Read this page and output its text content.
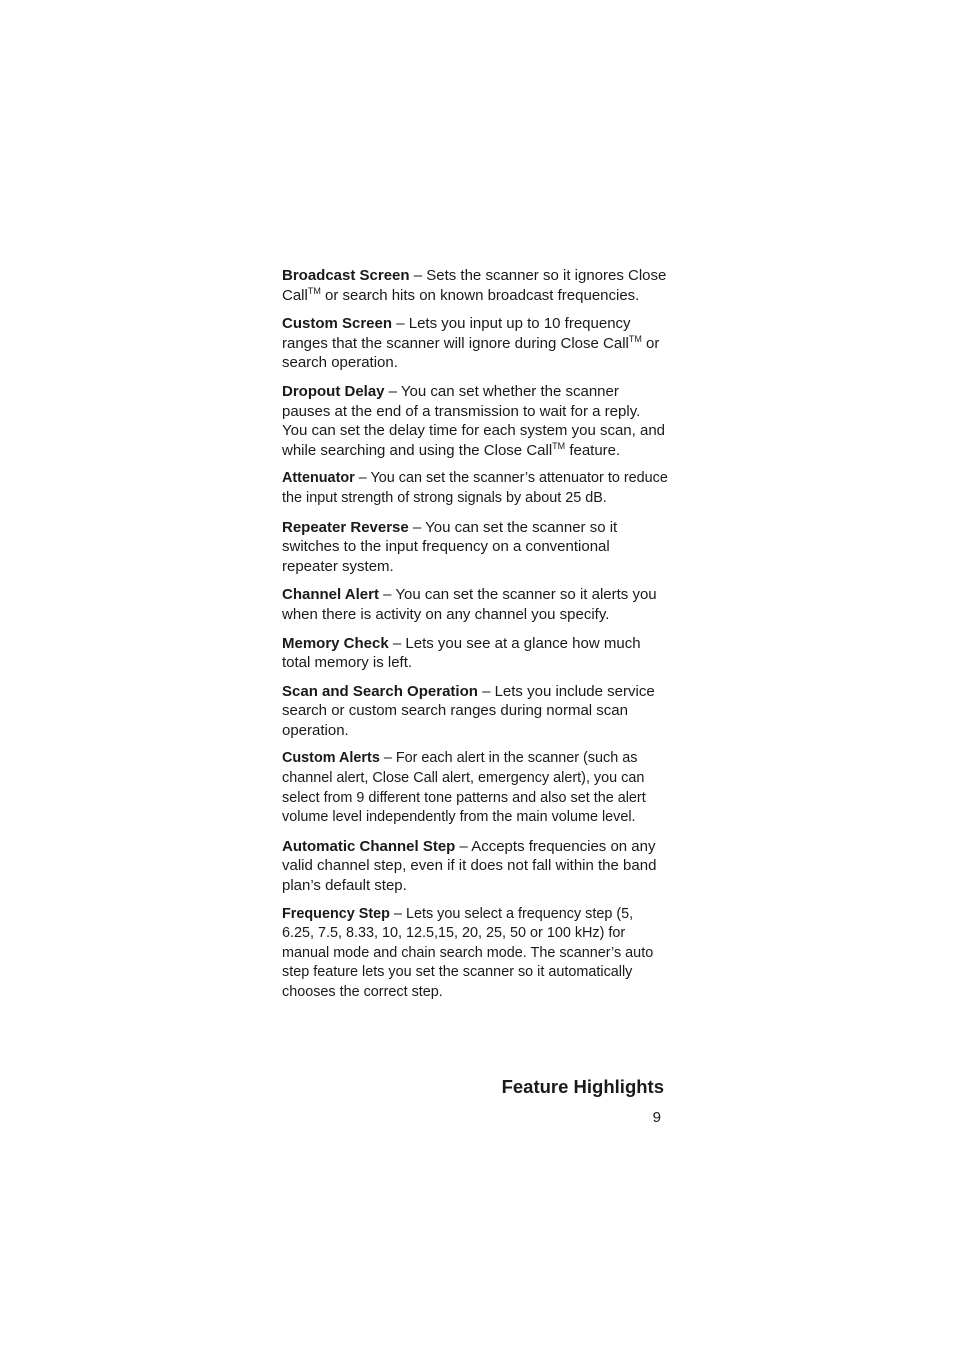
Broadcast Screen – Sets the scanner so it ignores Close Call™ or search hits on known broadcast frequencies.

Custom Screen – Lets you input up to 10 frequency ranges that the scanner will ignore during Close Call™ or search operation.

Dropout Delay – You can set whether the scanner pauses at the end of a transmission to wait for a reply. You can set the delay time for each system you scan, and while searching and using the Close Call™ feature.

Attenuator – You can set the scanner’s attenuator to reduce the input strength of strong signals by about 25 dB.

Repeater Reverse – You can set the scanner so it switches to the input frequency on a conventional repeater system.

Channel Alert – You can set the scanner so it alerts you when there is activity on any channel you specify.

Memory Check – Lets you see at a glance how much total memory is left.

Scan and Search Operation – Lets you include service search or custom search ranges during normal scan operation.

Custom Alerts – For each alert in the scanner (such as channel alert, Close Call alert, emergency alert), you can select from 9 different tone patterns and also set the alert volume level independently from the main volume level.

Automatic Channel Step – Accepts frequencies on any valid channel step, even if it does not fall within the band plan’s default step.

Frequency Step – Lets you select a frequency step (5, 6.25, 7.5, 8.33, 10, 12.5,15, 20, 25, 50 or 100 kHz) for manual mode and chain search mode. The scanner’s auto step feature lets you set the scanner so it automatically chooses the correct step.

Feature Highlights

9
